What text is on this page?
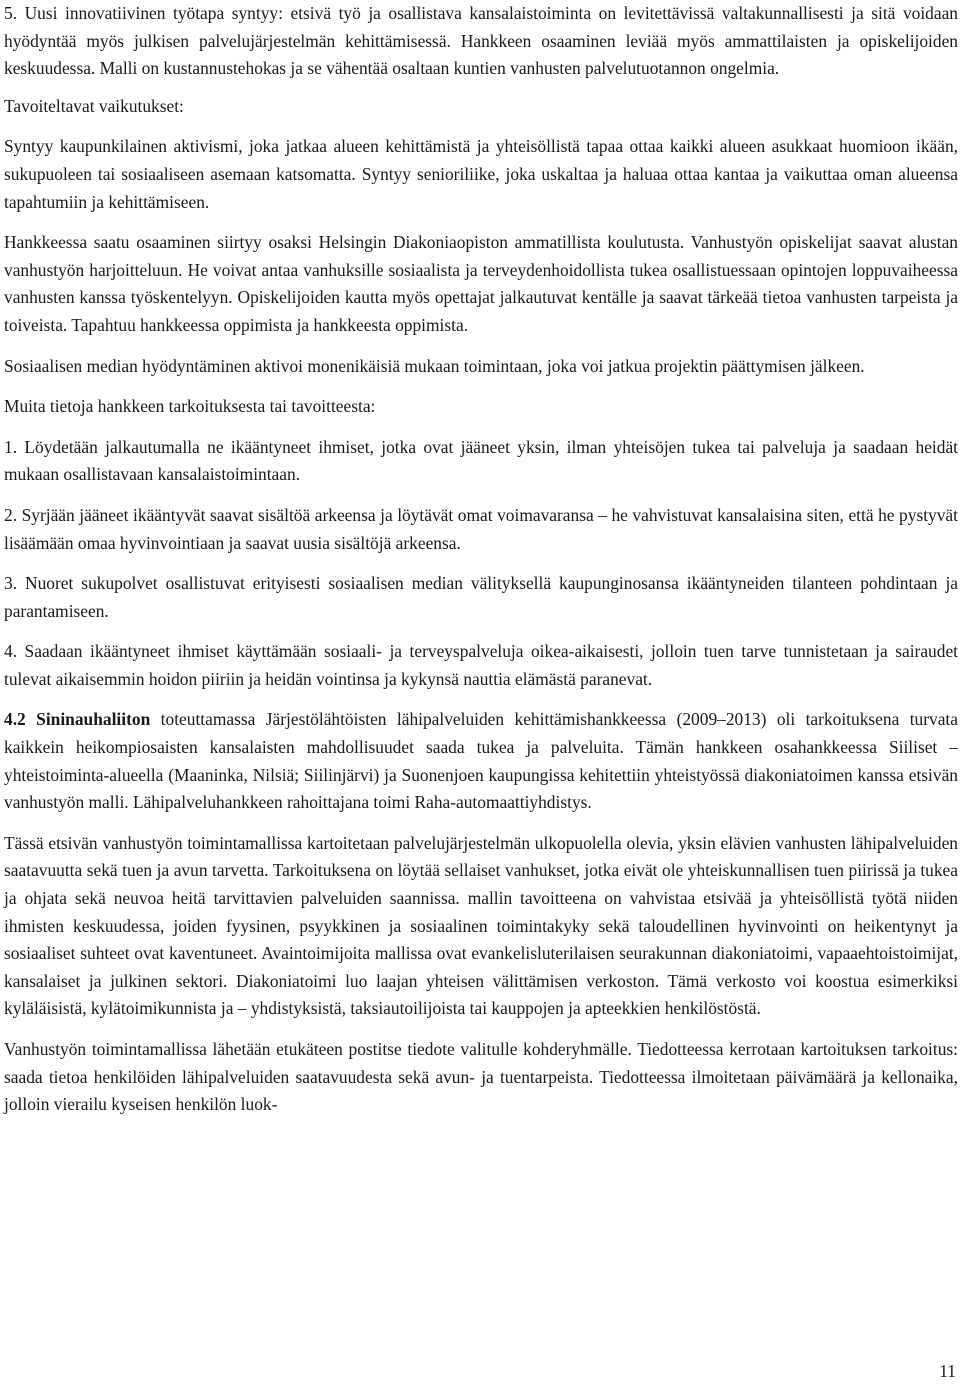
5. Uusi innovatiivinen työtapa syntyy: etsivä työ ja osallistava kansalaistoiminta on levitettävissä valtakunnallisesti ja sitä voidaan hyödyntää myös julkisen palvelujärjestelmän kehittämisessä. Hankkeen osaaminen leviää myös ammattilaisten ja opiskelijoiden keskuudessa. Malli on kustannustehokas ja se vähentää osaltaan kuntien vanhusten palvelutuotannon ongelmia.

Tavoiteltavat vaikutukset:

Syntyy kaupunkilainen aktivismi, joka jatkaa alueen kehittämistä ja yhteisöllistä tapaa ottaa kaikki alueen asukkaat huomioon ikään, sukupuoleen tai sosiaaliseen asemaan katsomatta. Syntyy senioriliike, joka uskaltaa ja haluaa ottaa kantaa ja vaikuttaa oman alueensa tapahtumiin ja kehittämiseen.

Hankkeessa saatu osaaminen siirtyy osaksi Helsingin Diakoniaopiston ammatillista koulutusta. Vanhustyön opiskelijat saavat alustan vanhustyön harjoitteluun. He voivat antaa vanhuksille sosiaalista ja terveydenhoidollista tukea osallistuessaan opintojen loppuvaiheessa vanhusten kanssa työskentelyyn. Opiskelijoiden kautta myös opettajat jalkautuvat kentälle ja saavat tärkeää tietoa vanhusten tarpeista ja toiveista. Tapahtuu hankkeessa oppimista ja hankkeesta oppimista.

Sosiaalisen median hyödyntäminen aktivoi monenikäisiä mukaan toimintaan, joka voi jatkua projektin päättymisen jälkeen.

Muita tietoja hankkeen tarkoituksesta tai tavoitteesta:

1. Löydetään jalkautumalla ne ikääntyneet ihmiset, jotka ovat jääneet yksin, ilman yhteisöjen tukea tai palveluja ja saadaan heidät mukaan osallistavaan kansalaistoimintaan.

2. Syrjään jääneet ikääntyvät saavat sisältöä arkeensa ja löytävät omat voimavaransa – he vahvistuvat kansalaisina siten, että he pystyvät lisäämään omaa hyvinvointiaan ja saavat uusia sisältöjä arkeensa.

3. Nuoret sukupolvet osallistuvat erityisesti sosiaalisen median välityksellä kaupunginosansa ikääntyneiden tilanteen pohdintaan ja parantamiseen.

4. Saadaan ikääntyneet ihmiset käyttämään sosiaali- ja terveyspalveluja oikea-aikaisesti, jolloin tuen tarve tunnistetaan ja sairaudet tulevat aikaisemmin hoidon piiriin ja heidän vointinsa ja kykynsä nauttia elämästä paranevat.

4.2 Sininauhaliiton toteuttamassa Järjestölähtöisten lähipalveluiden kehittämishankkeessa (2009–2013) oli tarkoituksena turvata kaikkein heikompiosaisten kansalaisten mahdollisuudet saada tukea ja palveluita. Tämän hankkeen osahankkeessa Siiliset – yhteistoiminta-alueella (Maaninka, Nilsiä; Siilinjärvi) ja Suonenjoen kaupungissa kehitettiin yhteistyössä diakoniatoimen kanssa etsivän vanhustyön malli. Lähipalveluhankkeen rahoittajana toimi Raha-automaattiyhdistys.

Tässä etsivän vanhustyön toimintamallissa kartoitetaan palvelujärjestelmän ulkopuolella olevia, yksin elävien vanhusten lähipalveluiden saatavuutta sekä tuen ja avun tarvetta. Tarkoituksena on löytää sellaiset vanhukset, jotka eivät ole yhteiskunnallisen tuen piirissä ja tukea ja ohjata sekä neuvoa heitä tarvittavien palveluiden saannissa. mallin tavoitteena on vahvistaa etsivää ja yhteisöllistä työtä niiden ihmisten keskuudessa, joiden fyysinen, psyykkinen ja sosiaalinen toimintakyky sekä taloudellinen hyvinvointi on heikentynyt ja sosiaaliset suhteet ovat kaventuneet. Avaintoimijoita mallissa ovat evankelisluterilaisen seurakunnan diakoniatoimi, vapaaehtoistoimijat, kansalaiset ja julkinen sektori. Diakoniatoimi luo laajan yhteisen välittämisen verkoston. Tämä verkosto voi koostua esimerkiksi kyläläisistä, kylätoimikunnista ja – yhdistyksistä, taksiautoilijoista tai kauppojen ja apteekkien henkilöstöstä.

Vanhustyön toimintamallissa lähetään etukäteen postitse tiedote valitulle kohderyhmälle. Tiedotteessa kerrotaan kartoituksen tarkoitus: saada tietoa henkilöiden lähipalveluiden saatavuudesta sekä avun- ja tuentarpeista. Tiedotteessa ilmoitetaan päivämäärä ja kellonaika, jolloin vierailu kyseisen henkilön luok-

11
